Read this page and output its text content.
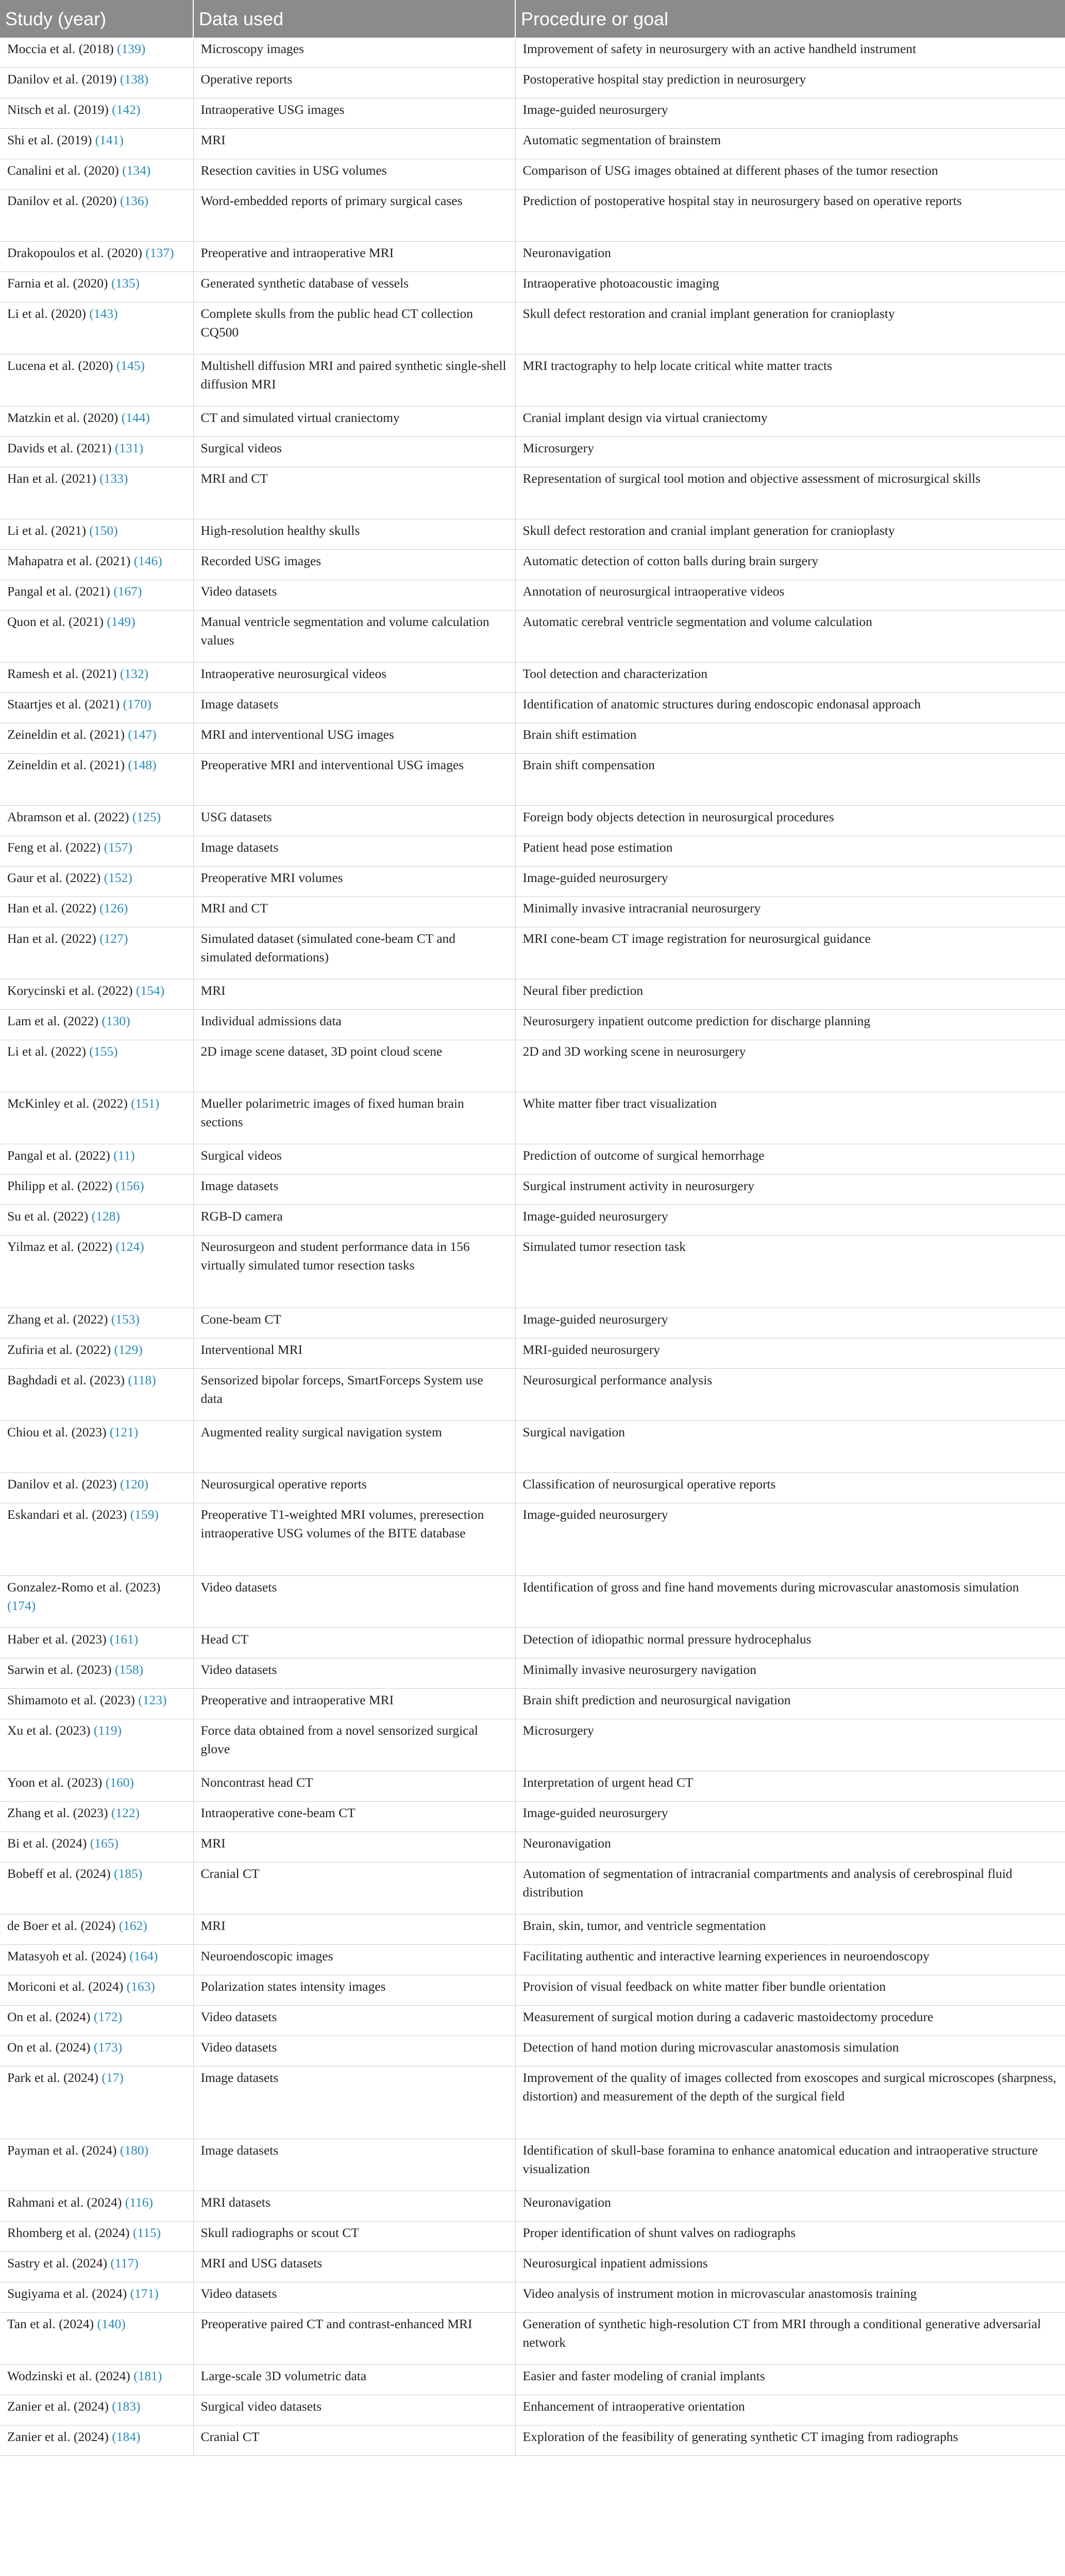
Study (year)	Data used	Procedure or goal
Moccia et al. (2018) (139)	Microscopy images	Improvement of safety in neurosurgery with an active handheld instrument
Danilov et al. (2019) (138)	Operative reports	Postoperative hospital stay prediction in neurosurgery
Nitsch et al. (2019) (142)	Intraoperative USG images	Image-guided neurosurgery
Shi et al. (2019) (141)	MRI	Automatic segmentation of brainstem
Canalini et al. (2020) (134)	Resection cavities in USG volumes	Comparison of USG images obtained at different phases of the tumor resection
Danilov et al. (2020) (136)	Word-embedded reports of primary surgical cases	Prediction of postoperative hospital stay in neurosurgery based on operative reports
Drakopoulos et al. (2020) (137)	Preoperative and intraoperative MRI	Neuronavigation
Farnia et al. (2020) (135)	Generated synthetic database of vessels	Intraoperative photoacoustic imaging
Li et al. (2020) (143)	Complete skulls from the public head CT collection CQ500	Skull defect restoration and cranial implant generation for cranioplasty
Lucena et al. (2020) (145)	Multishell diffusion MRI and paired synthetic single-shell diffusion MRI	MRI tractography to help locate critical white matter tracts
Matzkin et al. (2020) (144)	CT and simulated virtual craniectomy	Cranial implant design via virtual craniectomy
Davids et al. (2021) (131)	Surgical videos	Microsurgery
Han et al. (2021) (133)	MRI and CT	Representation of surgical tool motion and objective assessment of microsurgical skills
Li et al. (2021) (150)	High-resolution healthy skulls	Skull defect restoration and cranial implant generation for cranioplasty
Mahapatra et al. (2021) (146)	Recorded USG images	Automatic detection of cotton balls during brain surgery
Pangal et al. (2021) (167)	Video datasets	Annotation of neurosurgical intraoperative videos
Quon et al. (2021) (149)	Manual ventricle segmentation and volume calculation values	Automatic cerebral ventricle segmentation and volume calculation
Ramesh et al. (2021) (132)	Intraoperative neurosurgical videos	Tool detection and characterization
Staartjes et al. (2021) (170)	Image datasets	Identification of anatomic structures during endoscopic endonasal approach
Zeineldin et al. (2021) (147)	MRI and interventional USG images	Brain shift estimation
Zeineldin et al. (2021) (148)	Preoperative MRI and interventional USG images	Brain shift compensation
Abramson et al. (2022) (125)	USG datasets	Foreign body objects detection in neurosurgical procedures
Feng et al. (2022) (157)	Image datasets	Patient head pose estimation
Gaur et al. (2022) (152)	Preoperative MRI volumes	Image-guided neurosurgery
Han et al. (2022) (126)	MRI and CT	Minimally invasive intracranial neurosurgery
Han et al. (2022) (127)	Simulated dataset (simulated cone-beam CT and simulated deformations)	MRI cone-beam CT image registration for neurosurgical guidance
Korycinski et al. (2022) (154)	MRI	Neural fiber prediction
Lam et al. (2022) (130)	Individual admissions data	Neurosurgery inpatient outcome prediction for discharge planning
Li et al. (2022) (155)	2D image scene dataset, 3D point cloud scene	2D and 3D working scene in neurosurgery
McKinley et al. (2022) (151)	Mueller polarimetric images of fixed human brain sections	White matter fiber tract visualization
Pangal et al. (2022) (11)	Surgical videos	Prediction of outcome of surgical hemorrhage
Philipp et al. (2022) (156)	Image datasets	Surgical instrument activity in neurosurgery
Su et al. (2022) (128)	RGB-D camera	Image-guided neurosurgery
Yilmaz et al. (2022) (124)	Neurosurgeon and student performance data in 156 virtually simulated tumor resection tasks	Simulated tumor resection task
Zhang et al. (2022) (153)	Cone-beam CT	Image-guided neurosurgery
Zufiria et al. (2022) (129)	Interventional MRI	MRI-guided neurosurgery
Baghdadi et al. (2023) (118)	Sensorized bipolar forceps, SmartForceps System use data	Neurosurgical performance analysis
Chiou et al. (2023) (121)	Augmented reality surgical navigation system	Surgical navigation
Danilov et al. (2023) (120)	Neurosurgical operative reports	Classification of neurosurgical operative reports
Eskandari et al. (2023) (159)	Preoperative T1-weighted MRI volumes, preresection intraoperative USG volumes of the BITE database	Image-guided neurosurgery
Gonzalez-Romo et al. (2023) (174)	Video datasets	Identification of gross and fine hand movements during microvascular anastomosis simulation
Haber et al. (2023) (161)	Head CT	Detection of idiopathic normal pressure hydrocephalus
Sarwin et al. (2023) (158)	Video datasets	Minimally invasive neurosurgery navigation
Shimamoto et al. (2023) (123)	Preoperative and intraoperative MRI	Brain shift prediction and neurosurgical navigation
Xu et al. (2023) (119)	Force data obtained from a novel sensorized surgical glove	Microsurgery
Yoon et al. (2023) (160)	Noncontrast head CT	Interpretation of urgent head CT
Zhang et al. (2023) (122)	Intraoperative cone-beam CT	Image-guided neurosurgery
Bi et al. (2024) (165)	MRI	Neuronavigation
Bobeff et al. (2024) (185)	Cranial CT	Automation of segmentation of intracranial compartments and analysis of cerebrospinal fluid distribution
de Boer et al. (2024) (162)	MRI	Brain, skin, tumor, and ventricle segmentation
Matasyoh et al. (2024) (164)	Neuroendoscopic images	Facilitating authentic and interactive learning experiences in neuroendoscopy
Moriconi et al. (2024) (163)	Polarization states intensity images	Provision of visual feedback on white matter fiber bundle orientation
On et al. (2024) (172)	Video datasets	Measurement of surgical motion during a cadaveric mastoidectomy procedure
On et al. (2024) (173)	Video datasets	Detection of hand motion during microvascular anastomosis simulation
Park et al. (2024) (17)	Image datasets	Improvement of the quality of images collected from exoscopes and surgical microscopes (sharpness, distortion) and measurement of the depth of the surgical field
Payman et al. (2024) (180)	Image datasets	Identification of skull-base foramina to enhance anatomical education and intraoperative structure visualization
Rahmani et al. (2024) (116)	MRI datasets	Neuronavigation
Rhomberg et al. (2024) (115)	Skull radiographs or scout CT	Proper identification of shunt valves on radiographs
Sastry et al. (2024) (117)	MRI and USG datasets	Neurosurgical inpatient admissions
Sugiyama et al. (2024) (171)	Video datasets	Video analysis of instrument motion in microvascular anastomosis training
Tan et al. (2024) (140)	Preoperative paired CT and contrast-enhanced MRI	Generation of synthetic high-resolution CT from MRI through a conditional generative adversarial network
Wodzinski et al. (2024) (181)	Large-scale 3D volumetric data	Easier and faster modeling of cranial implants
Zanier et al. (2024) (183)	Surgical video datasets	Enhancement of intraoperative orientation
Zanier et al. (2024) (184)	Cranial CT	Exploration of the feasibility of generating synthetic CT imaging from radiographs
